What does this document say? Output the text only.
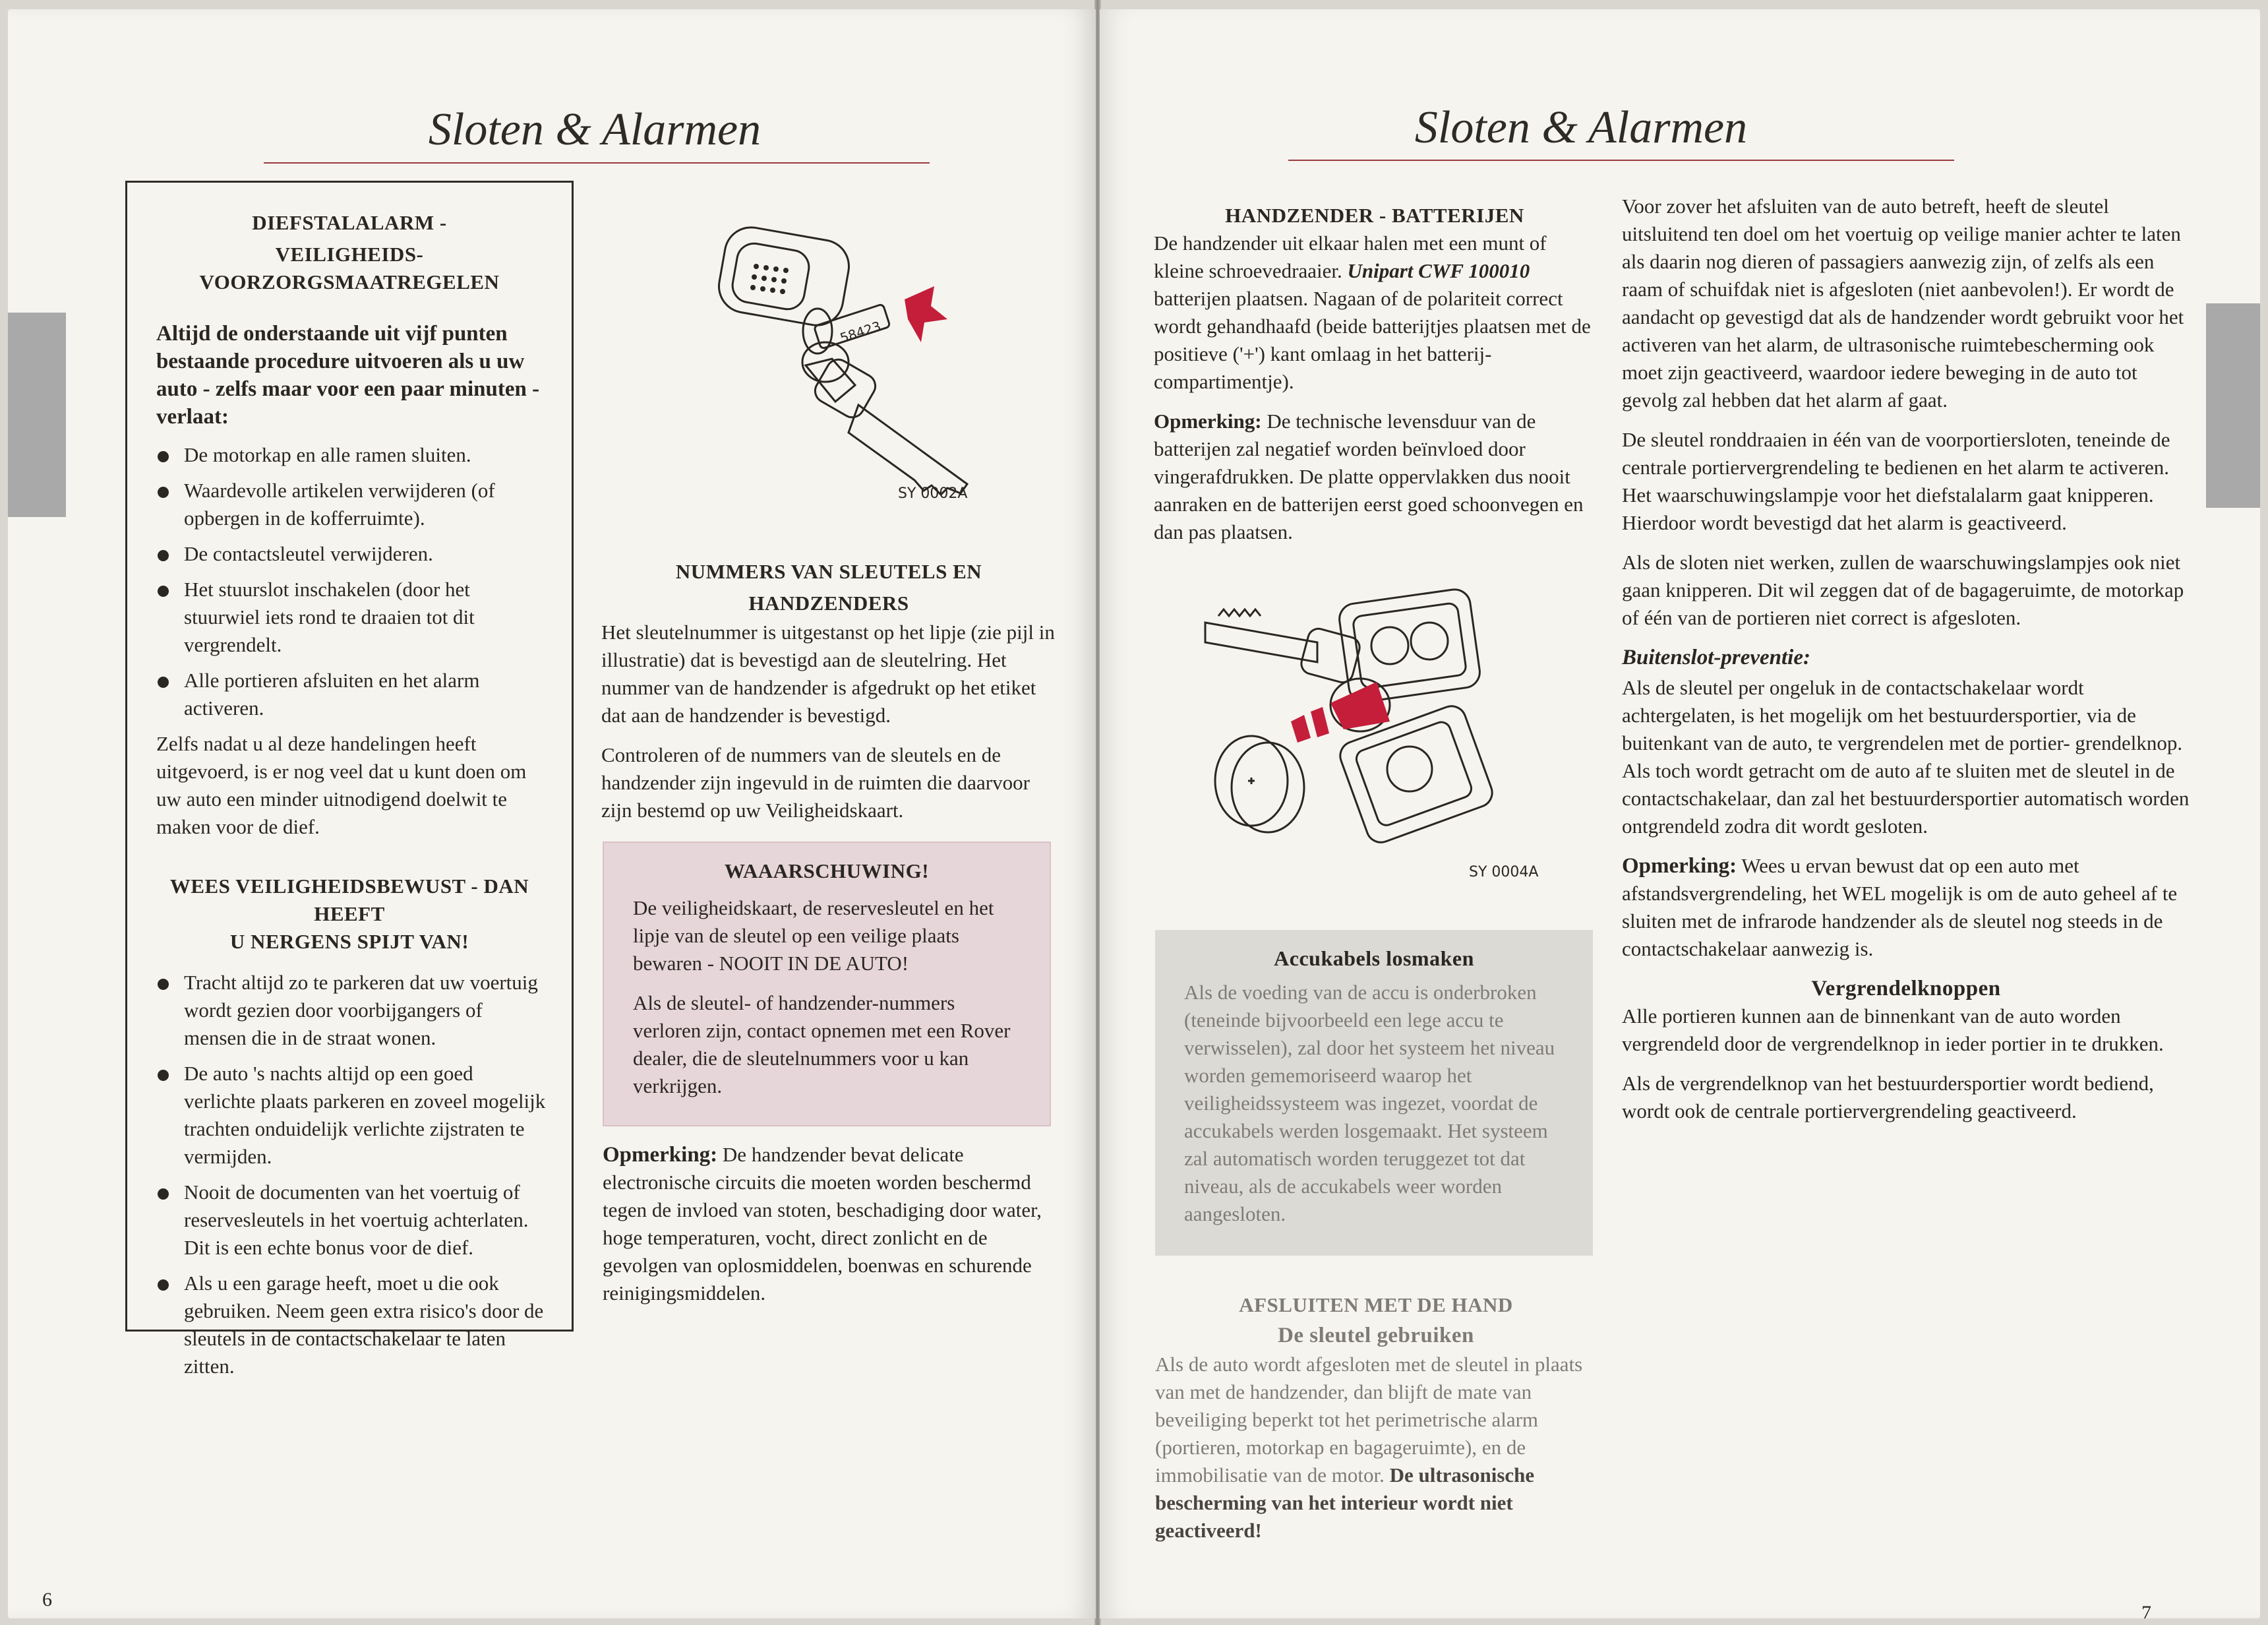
Sloten & Alarmen
DIEFSTALALARM -
VEILIGHEIDS-VOORZORGSMAATREGELEN

Altijd de onderstaande uit vijf punten bestaande procedure uitvoeren als u uw auto - zelfs maar voor een paar minuten - verlaat:

De motorkap en alle ramen sluiten.
Waardevolle artikelen verwijderen (of opbergen in de kofferruimte).
De contactsleutel verwijderen.
Het stuurslot inschakelen (door het stuurwiel iets rond te draaien tot dit vergrendelt.
Alle portieren afsluiten en het alarm activeren.

Zelfs nadat u al deze handelingen heeft uitgevoerd, is er nog veel dat u kunt doen om uw auto een minder uitnodigend doelwit te maken voor de dief.

WEES VEILIGHEIDSBEWUST - DAN HEEFT
U NERGENS SPIJT VAN!
Tracht altijd zo te parkeren dat uw voertuig wordt gezien door voorbijgangers of mensen die in de straat wonen.
De auto 's nachts altijd op een goed verlichte plaats parkeren en zoveel mogelijk trachten onduidelijk verlichte zijstraten te vermijden.
Nooit de documenten van het voertuig of reservesleutels in het voertuig achterlaten. Dit is een echte bonus voor de dief.
Als u een garage heeft, moet u die ook gebruiken. Neem geen extra risico's door de sleutels in de contactschakelaar te laten zitten.
58423
SY 0002A
NUMMERS VAN SLEUTELS EN
HANDZENDERS

Het sleutelnummer is uitgestanst op het lipje (zie pijl in illustratie) dat is bevestigd aan de sleutelring. Het nummer van de handzender is afgedrukt op het etiket dat aan de handzender is bevestigd.

Controleren of de nummers van de sleutels en de handzender zijn ingevuld in de ruimten die daarvoor zijn bestemd op uw Veiligheidskaart.

WAAARSCHUWING!

De veiligheidskaart, de reservesleutel en het lipje van de sleutel op een veilige plaats bewaren - NOOIT IN DE AUTO!

Als de sleutel- of handzender-nummers verloren zijn, contact opnemen met een Rover dealer, die de sleutelnummers voor u kan verkrijgen.

Opmerking: De handzender bevat delicate electronische circuits die moeten worden beschermd tegen de invloed van stoten, beschadiging door water, hoge temperaturen, vocht, direct zonlicht en de gevolgen van oplosmiddelen, boenwas en schurende reinigingsmiddelen.

6
Sloten & Alarmen
HANDZENDER - BATTERIJEN

De handzender uit elkaar halen met een munt of kleine schroevedraaier. Unipart CWF 100010 batterijen plaatsen. Nagaan of de polariteit correct wordt gehandhaafd (beide batterijtjes plaatsen met de positieve ('+') kant omlaag in het batterij-compartimentje).

Opmerking: De technische levensduur van de batterijen zal negatief worden beïnvloed door vingerafdrukken. De platte oppervlakken dus nooit aanraken en de batterijen eerst goed schoonvegen en dan pas plaatsen.

SY 0004A
Accukabels losmaken

Als de voeding van de accu is onderbroken (teneinde bijvoorbeeld een lege accu te verwisselen), zal door het systeem het niveau worden gememoriseerd waarop het veiligheidssysteem was ingezet, voordat de accukabels werden losgemaakt. Het systeem zal automatisch worden teruggezet tot dat niveau, als de accukabels weer worden aangesloten.

AFSLUITEN MET DE HAND
De sleutel gebruiken

Als de auto wordt afgesloten met de sleutel in plaats van met de handzender, dan blijft de mate van beveiliging beperkt tot het perimetrische alarm (portieren, motorkap en bagageruimte), en de immobilisatie van de motor. De ultrasonische bescherming van het interieur wordt niet geactiveerd!

Voor zover het afsluiten van de auto betreft, heeft de sleutel uitsluitend ten doel om het voertuig op veilige manier achter te laten als daarin nog dieren of passagiers aanwezig zijn, of zelfs als een raam of schuifdak niet is afgesloten (niet aanbevolen!). Er wordt de aandacht op gevestigd dat als de handzender wordt gebruikt voor het activeren van het alarm, de ultrasonische ruimtebescherming ook moet zijn geactiveerd, waardoor iedere beweging in de auto tot gevolg zal hebben dat het alarm af gaat.

De sleutel ronddraaien in één van de voorportiersloten, teneinde de centrale portiervergrendeling te bedienen en het alarm te activeren. Het waarschuwingslampje voor het diefstalalarm gaat knipperen. Hierdoor wordt bevestigd dat het alarm is geactiveerd.

Als de sloten niet werken, zullen de waarschuwingslampjes ook niet gaan knipperen. Dit wil zeggen dat of de bagageruimte, de motorkap of één van de portieren niet correct is afgesloten.

Buitenslot-preventie:

Als de sleutel per ongeluk in de contactschakelaar wordt achtergelaten, is het mogelijk om het bestuurdersportier, via de buitenkant van de auto, te vergrendelen met de portier- grendelknop. Als toch wordt getracht om de auto af te sluiten met de sleutel in de contactschakelaar, dan zal het bestuurdersportier automatisch worden ontgrendeld zodra dit wordt gesloten.

Opmerking: Wees u ervan bewust dat op een auto met afstandsvergrendeling, het WEL mogelijk is om de auto geheel af te sluiten met de infrarode handzender als de sleutel nog steeds in de contactschakelaar aanwezig is.

Vergrendelknoppen

Alle portieren kunnen aan de binnenkant van de auto worden vergrendeld door de vergrendelknop in ieder portier in te drukken.

Als de vergrendelknop van het bestuurdersportier wordt bediend, wordt ook de centrale portiervergrendeling geactiveerd.

7
